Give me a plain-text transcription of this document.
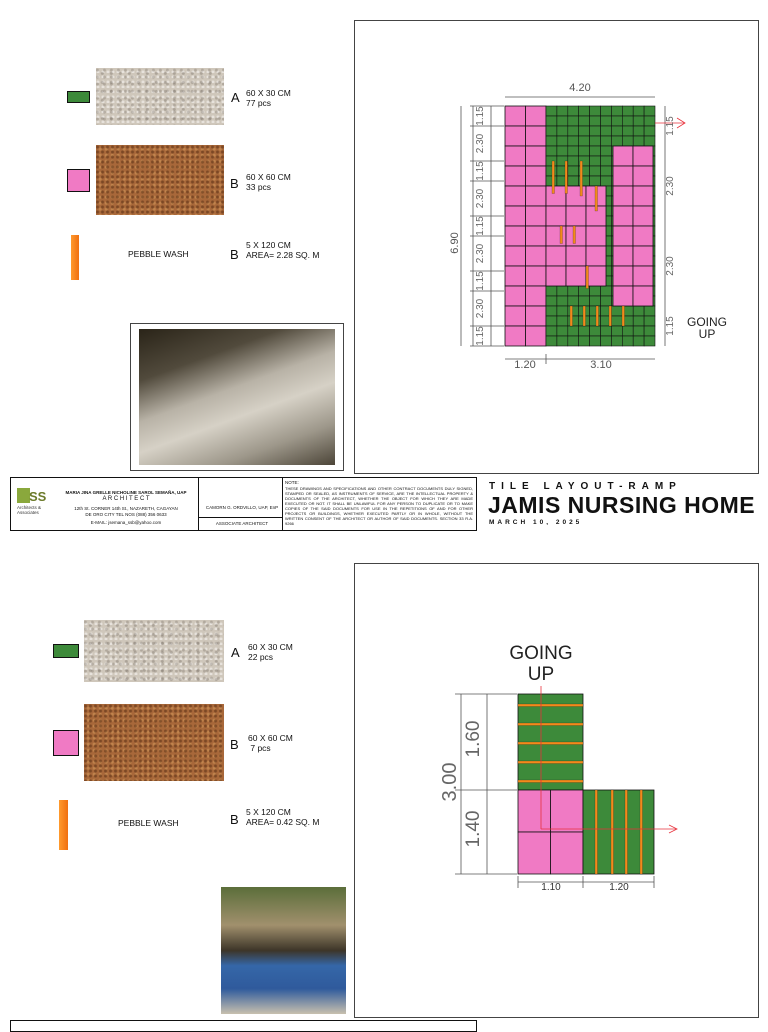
A 60 X 30 CM
77 pcs
B 60 X 60 CM
33 pcs
PEBBLE WASH	B
5 X 120 CM
AREA= 2.28 SQ. M
4.20
6.90
1.20	3.10
GOING
UP
1.15
2.30
1.15
2.30
1.15
2.30
1.15
2.30
1.15
1.15
2.30
2.30
1.15
SS
Architects & Associates
MARIA JINA GRELLE NICHOLINE SAROL SEMAÑA, UAP
A R C H I T E C T
12th St. CORNER 14th St., NAZARETH, CAGAYAN DE ORO CITY TEL NOS (088) 356 0633
E-MAIL: jsemana_ssb@yahoo.com
CAMORN G. ORDVILLO, UAP, EnP
ASSOCIATE ARCHITECT
NOTE:
THESE DRAWINGS AND SPECIFICATIONS AND OTHER CONTRACT DOCUMENTS DULY SIGNED, STAMPED OR SEALED, AS INSTRUMENTS OF SERVICE, ARE THE INTELLECTUAL PROPERTY & DOCUMENTS OF THE ARCHITECT, WHETHER THE OBJECT FOR WHICH THEY ARE MADE EXECUTED OR NOT. IT SHALL BE UNLAWFUL FOR ANY PERSON TO DUPLICATE OR TO MAKE COPIES OF THE SAID DOCUMENTS FOR USE IN THE REPETITIONS OF AND FOR OTHER PROJECTS OR BUILDINGS, WHETHER EXECUTED PARTLY OR IN WHOLE, WITHOUT THE WRITTEN CONSENT OF THE ARCHITECT OR AUTHOR OF SAID DOCUMENTS. SECTION 33 R.A. 9266
TILE LAYOUT-RAMP
JAMIS NURSING HOME
MARCH 10, 2025
A 60 X 30 CM
22 pcs
B 60 X 60 CM
7 pcs
PEBBLE WASH	B 5 X 120 CM
AREA= 0.42 SQ. M
GOING
UP
3.00
1.60
1.40
1.10	1.20
